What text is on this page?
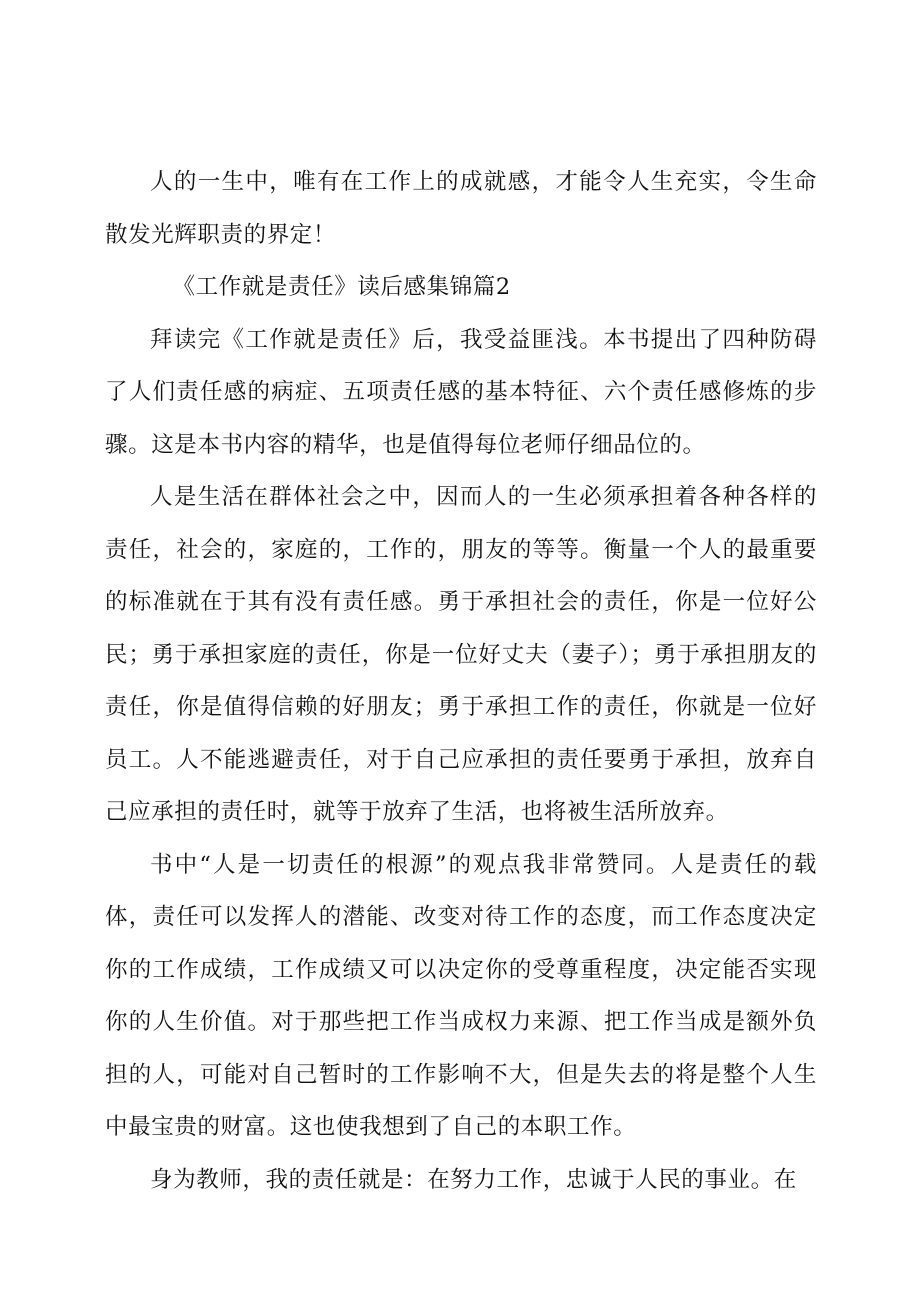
人的一生中，唯有在工作上的成就感，才能令人生充实，令生命散发光辉职责的界定！

《工作就是责任》读后感集锦篇2

拜读完《工作就是责任》后，我受益匪浅。本书提出了四种防碍了人们责任感的病症、五项责任感的基本特征、六个责任感修炼的步骤。这是本书内容的精华，也是值得每位老师仔细品位的。

人是生活在群体社会之中，因而人的一生必须承担着各种各样的责任，社会的，家庭的，工作的，朋友的等等。衡量一个人的最重要的标准就在于其有没有责任感。勇于承担社会的责任，你是一位好公民；勇于承担家庭的责任，你是一位好丈夫（妻子）；勇于承担朋友的责任，你是值得信赖的好朋友；勇于承担工作的责任，你就是一位好员工。人不能逃避责任，对于自己应承担的责任要勇于承担，放弃自己应承担的责任时，就等于放弃了生活，也将被生活所放弃。

书中“人是一切责任的根源”的观点我非常赞同。人是责任的载体，责任可以发挥人的潜能、改变对待工作的态度，而工作态度决定你的工作成绩，工作成绩又可以决定你的受尊重程度，决定能否实现你的人生价值。对于那些把工作当成权力来源、把工作当成是额外负担的人，可能对自己暂时的工作影响不大，但是失去的将是整个人生中最宝贵的财富。这也使我想到了自己的本职工作。

身为教师，我的责任就是：在努力工作，忠诚于人民的事业。在
